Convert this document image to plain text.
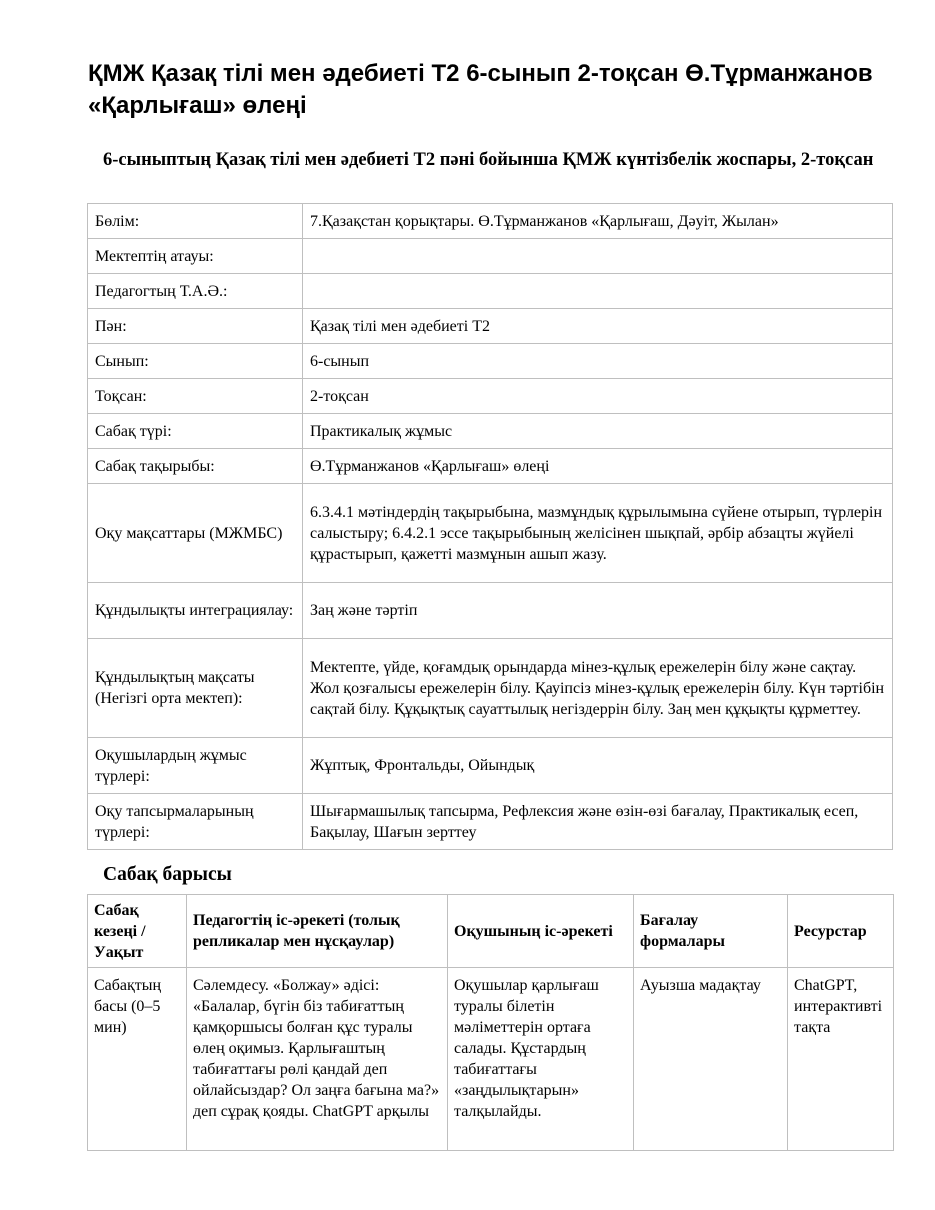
ҚМЖ Қазақ тілі мен әдебиеті Т2 6-сынып 2-тоқсан Ө.Тұрманжанов «Қарлығаш» өлеңі
6-сыныптың Қазақ тілі мен әдебиеті Т2 пәні бойынша ҚМЖ күнтізбелік жоспары, 2-тоқсан
Бөлім:	7.Қазақстан қорықтары. Ө.Тұрманжанов «Қарлығаш, Дәуіт, Жылан»
Мектептің атауы:	
Педагогтың Т.А.Ә.:	
Пән:	Қазақ тілі мен әдебиеті Т2
Сынып:	6-сынып
Тоқсан:	2-тоқсан
Сабақ түрі:	Практикалық жұмыс
Сабақ тақырыбы:	Ө.Тұрманжанов «Қарлығаш» өлеңі
Оқу мақсаттары (МЖМБС)	6.3.4.1 мәтіндердің тақырыбына, мазмұндық құрылымына сүйене отырып, түрлерін салыстыру; 6.4.2.1 эссе тақырыбының желісінен шықпай, әрбір абзацты жүйелі құрастырып, қажетті мазмұнын ашып жазу.
Құндылықты интеграциялау:	Заң және тәртіп
Құндылықтың мақсаты (Негізгі орта мектеп):	Мектепте, үйде, қоғамдық орындарда мінез-құлық ережелерін білу және сақтау. Жол қозғалысы ережелерін білу. Қауіпсіз мінез-құлық ережелерін білу. Күн тәртібін сақтай білу. Құқықтық сауаттылық негіздеррін білу. Заң мен құқықты құрметтеу.
Оқушылардың жұмыс түрлері:	Жұптық, Фронтальды, Ойындық
Оқу тапсырмаларының түрлері:	Шығармашылық тапсырма, Рефлексия және өзін-өзі бағалау, Практикалық есеп, Бақылау, Шағын зерттеу
Сабақ барысы
Сабақ кезеңі / Уақыт	Педагогтің іс-әрекеті (толық репликалар мен нұсқаулар)	Оқушының іс-әрекеті	Бағалау формалары	Ресурстар
Сабақтың басы (0–5 мин)	Сәлемдесу. «Болжау» әдісі: «Балалар, бүгін біз табиғаттың қамқоршысы болған құс туралы өлең оқимыз. Қарлығаштың табиғаттағы рөлі қандай деп ойлайсыздар? Ол заңға бағына ма?» деп сұрақ қояды. ChatGPT арқылы	Оқушылар қарлығаш туралы білетін мәліметтерін ортаға салады. Құстардың табиғаттағы «заңдылықтарын» талқылайды.	Ауызша мадақтау	ChatGPT, интерактивті тақта
